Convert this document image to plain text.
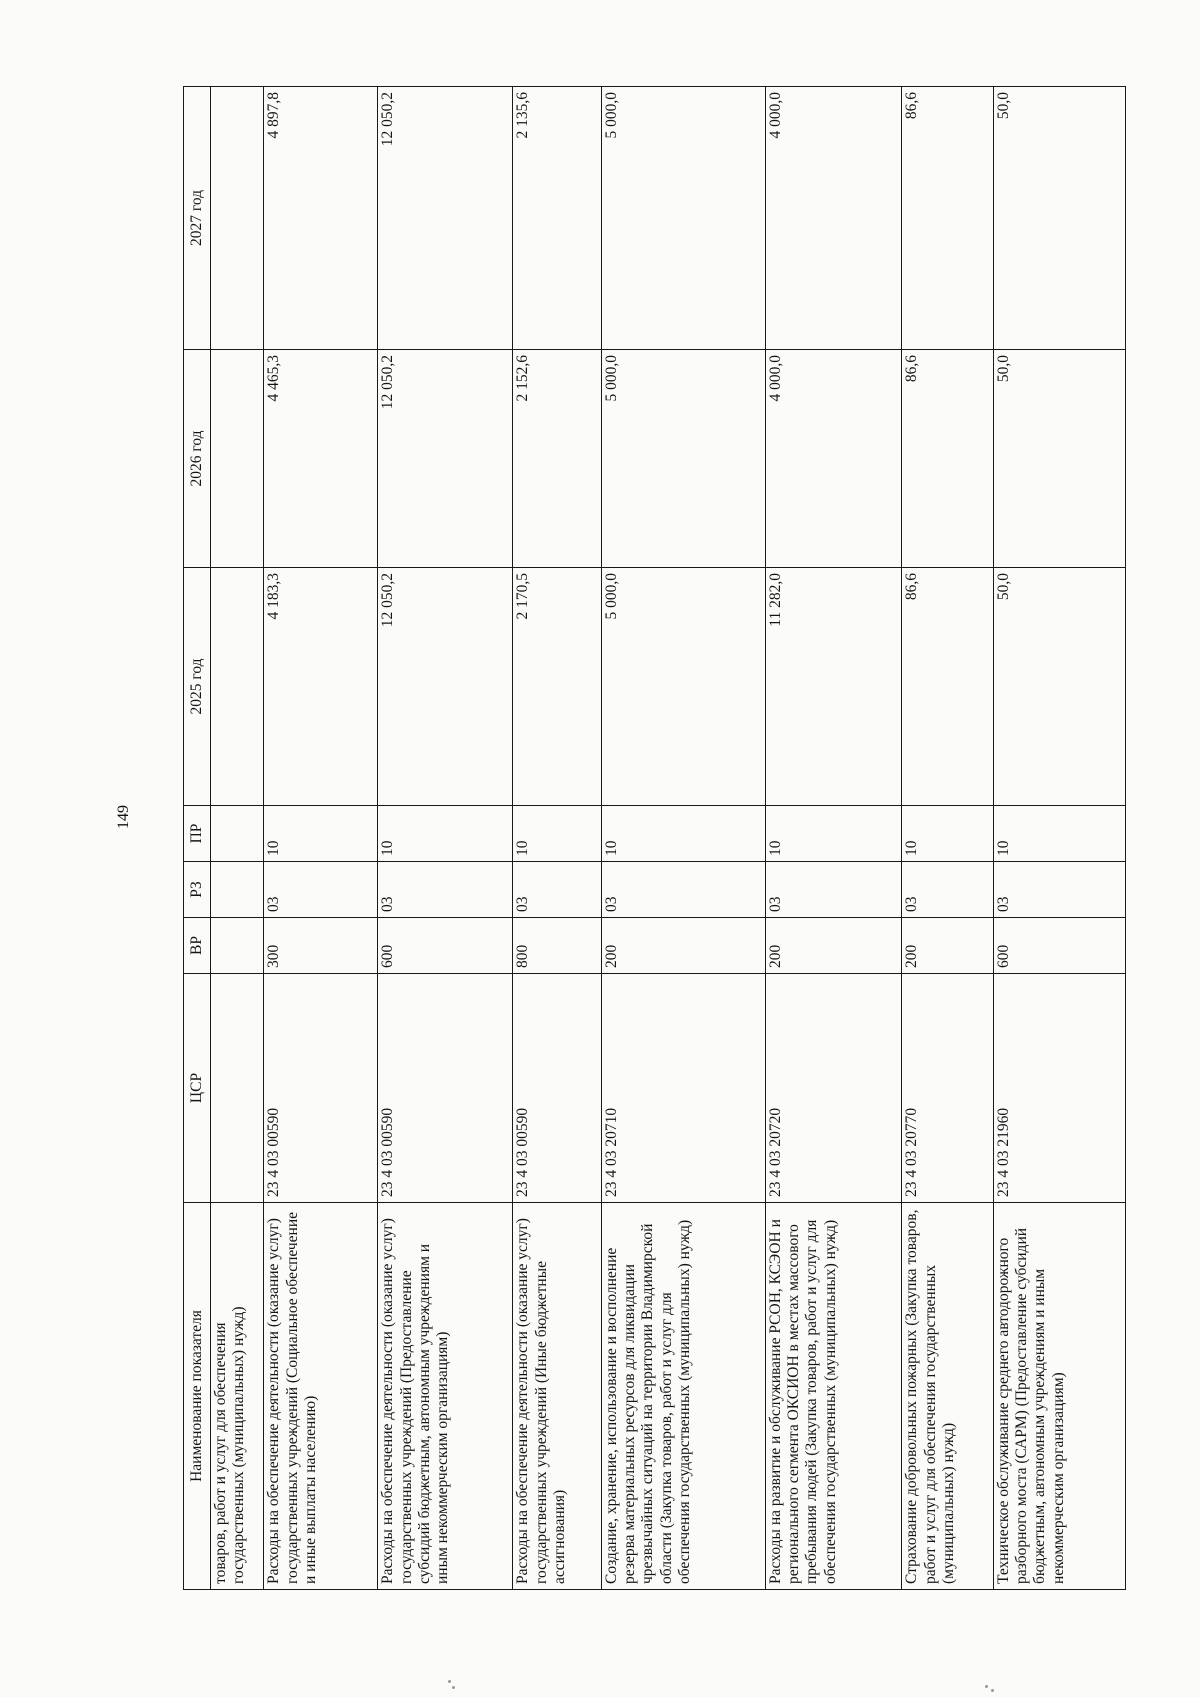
149
Наименование показателя	ЦСР	ВР	РЗ	ПР	2025 год	2026 год	2027 год
товаров, работ и услуг для обеспечения государственных (муниципальных) нужд)							
Расходы на обеспечение деятельности (оказание услуг) государственных учреждений (Социальное обеспечение и иные выплаты населению)	23 4 03 00590	300	03	10	4 183,3	4 465,3	4 897,8
Расходы на обеспечение деятельности (оказание услуг) государственных учреждений (Предоставление субсидий бюджетным, автономным учреждениям и иным некоммерческим организациям)	23 4 03 00590	600	03	10	12 050,2	12 050,2	12 050,2
Расходы на обеспечение деятельности (оказание услуг) государственных учреждений (Иные бюджетные ассигнования)	23 4 03 00590	800	03	10	2 170,5	2 152,6	2 135,6
Создание, хранение, использование и восполнение резерва материальных ресурсов для ликвидации чрезвычайных ситуаций на территории Владимирской области (Закупка товаров, работ и услуг для обеспечения государственных (муниципальных) нужд)	23 4 03 20710	200	03	10	5 000,0	5 000,0	5 000,0
Расходы на развитие и обслуживание РСОН, КСЭОН и регионального сегмента ОКСИОН в местах массового пребывания людей (Закупка товаров, работ и услуг для обеспечения государственных (муниципальных) нужд)	23 4 03 20720	200	03	10	11 282,0	4 000,0	4 000,0
Страхование добровольных пожарных (Закупка товаров, работ и услуг для обеспечения государственных (муниципальных) нужд)	23 4 03 20770	200	03	10	86,6	86,6	86,6
Техническое обслуживание среднего автодорожного разборного моста (САРМ) (Предоставление субсидий бюджетным, автономным учреждениям и иным некоммерческим организациям)	23 4 03 21960	600	03	10	50,0	50,0	50,0
